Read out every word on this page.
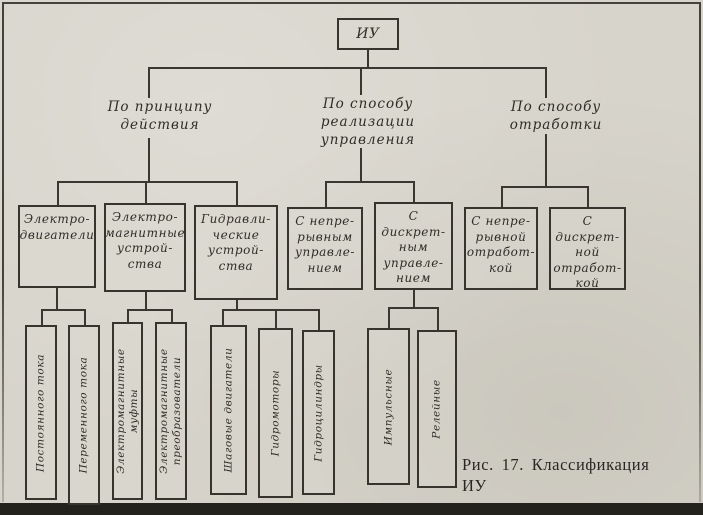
ИУ
По принципу
действия
По способу
реализации
управления
По способу
отработки
Электро-
двигатели
Электро-
магнитные
устрой-
ства
Гидравли-
ческие
устрой-
ства
С непре-
рывным
управле-
нием
С дискрет-
ным
управле-
нием
С непре-
рывной
отработ-
кой
С дискрет-
ной
отработ-
кой
Постоянного тока	Переменного тока Электромагнитные
муфты Электромагнитные
преобразователи	Шаговые двигатели	Гидромоторы	Гидроцилиндры	Импульсные	Релейные
Рис. 17. Классификация
ИУ
